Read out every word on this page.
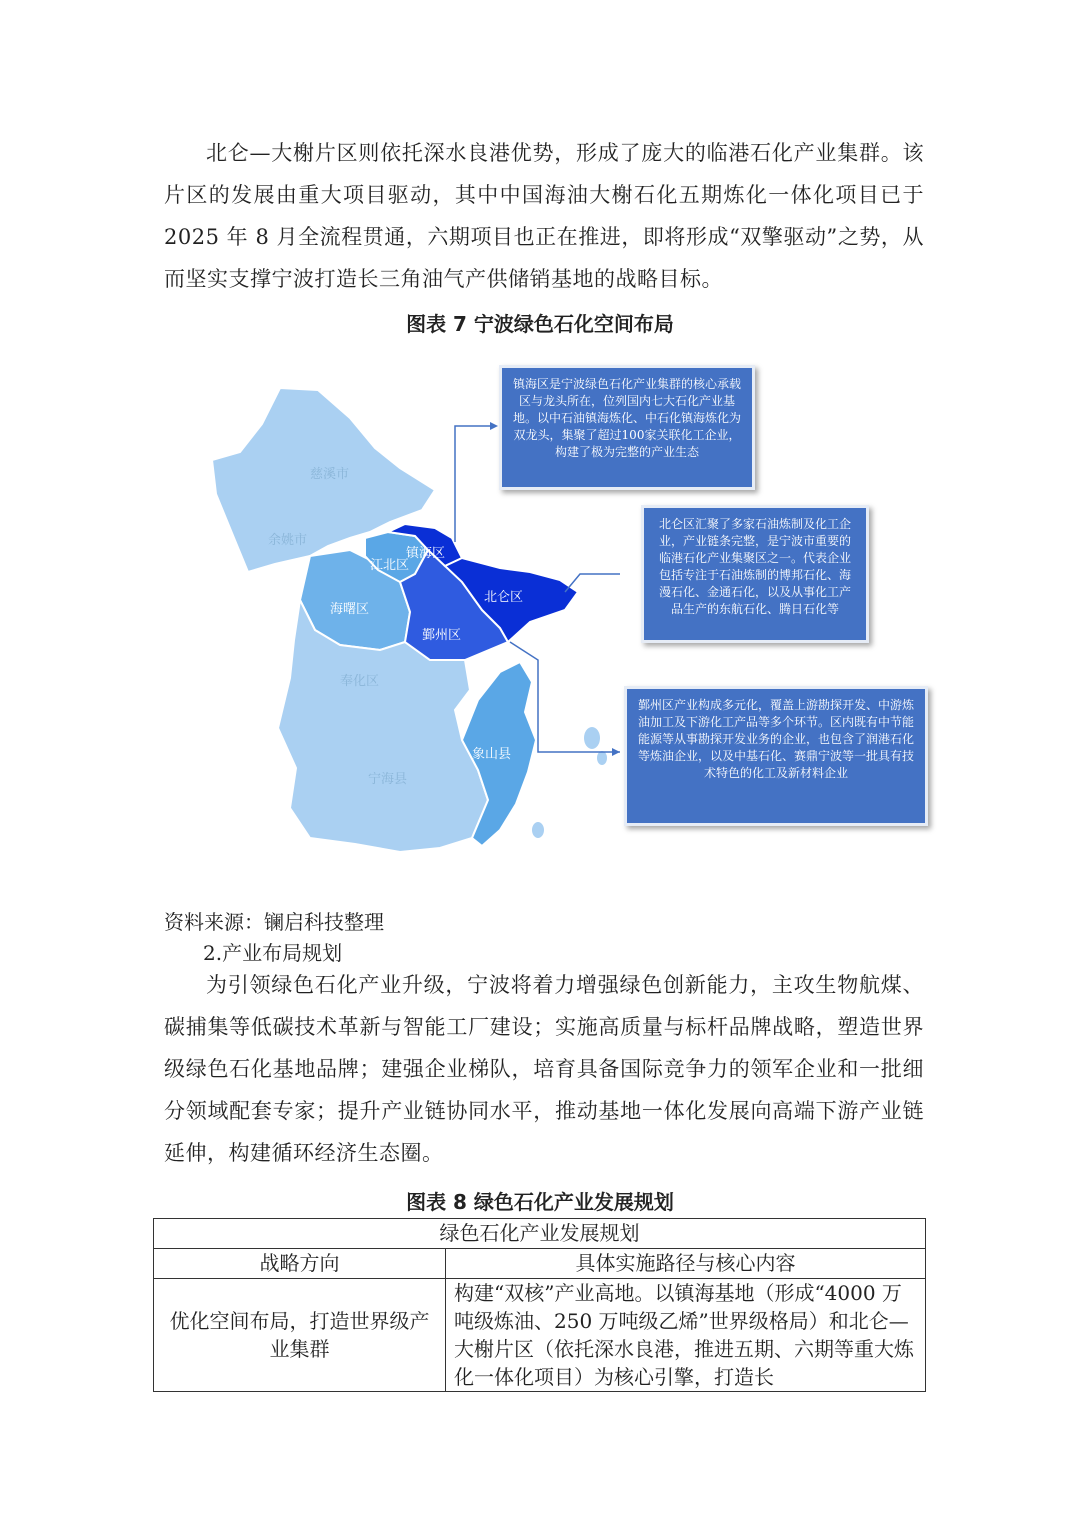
北仑—大榭片区则依托深水良港优势，形成了庞大的临港石化产业集群。该片区的发展由重大项目驱动，其中中国海油大榭石化五期炼化一体化项目已于 2025 年 8 月全流程贯通，六期项目也正在推进，即将形成“双擎驱动”之势，从而坚实支撑宁波打造长三角油气产供储销基地的战略目标。

图表 7 宁波绿色石化空间布局
慈溪市
余姚市
镇海区
江北区
北仑区
海曙区
鄞州区
奉化区
象山县
宁海县
镇海区是宁波绿色石化产业集群的核心承载区与龙头所在，位列国内七大石化产业基地。以中石油镇海炼化、中石化镇海炼化为双龙头，集聚了超过100家关联化工企业，构建了极为完整的产业生态
北仑区汇聚了多家石油炼制及化工企业，产业链条完整，是宁波市重要的临港石化产业集聚区之一。代表企业包括专注于石油炼制的博邦石化、海漫石化、金通石化，以及从事化工产品生产的东航石化、腾日石化等
鄞州区产业构成多元化，覆盖上游勘探开发、中游炼油加工及下游化工产品等多个环节。区内既有中节能能源等从事勘探开发业务的企业，也包含了润港石化等炼油企业，以及中基石化、赛鼎宁波等一批具有技术特色的化工及新材料企业

资料来源：镧启科技整理

2.产业布局规划

为引领绿色石化产业升级，宁波将着力增强绿色创新能力，主攻生物航煤、碳捕集等低碳技术革新与智能工厂建设；实施高质量与标杆品牌战略，塑造世界级绿色石化基地品牌；建强企业梯队，培育具备国际竞争力的领军企业和一批细分领域配套专家；提升产业链协同水平，推动基地一体化发展向高端下游产业链延伸，构建循环经济生态圈。

图表 8 绿色石化产业发展规划
绿色石化产业发展规划	
战略方向	具体实施路径与核心内容
优化空间布局，打造世界级产业集群	构建“双核”产业高地。以镇海基地（形成“4000 万吨级炼油、250 万吨级乙烯”世界级格局）和北仑—大榭片区（依托深水良港，推进五期、六期等重大炼化一体化项目）为核心引擎，打造长
